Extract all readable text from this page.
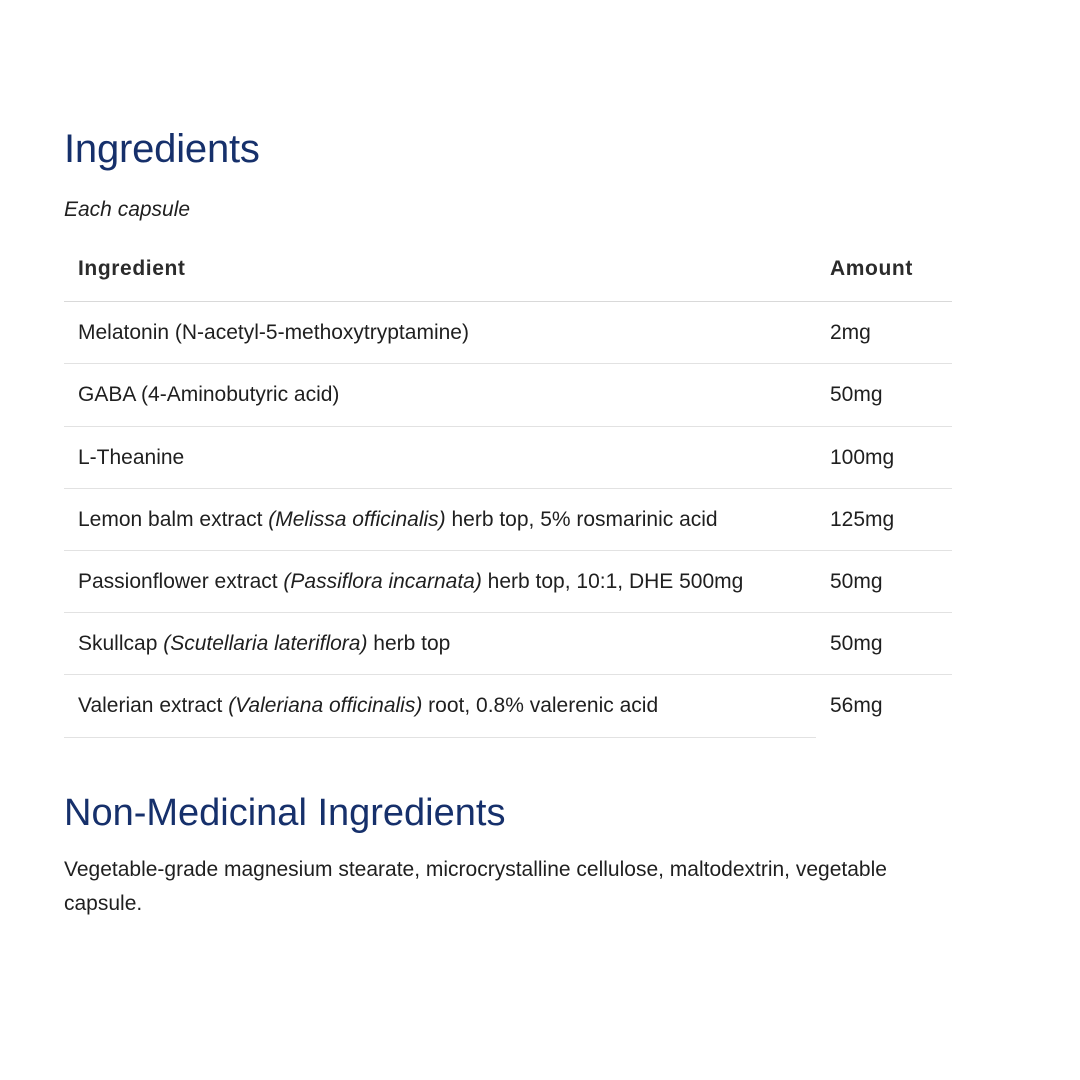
Ingredients

Each capsule

Ingredient	Amount
Melatonin (N-acetyl-5-methoxytryptamine)	2mg
GABA (4-Aminobutyric acid)	50mg
L-Theanine	100mg
Lemon balm extract (Melissa officinalis) herb top, 5% rosmarinic acid	125mg
Passionflower extract (Passiflora incarnata) herb top, 10:1, DHE 500mg	50mg
Skullcap (Scutellaria lateriflora) herb top	50mg
Valerian extract (Valeriana officinalis) root, 0.8% valerenic acid	56mg
Non-Medicinal Ingredients

Vegetable-grade magnesium stearate, microcrystalline cellulose, maltodextrin, vegetable capsule.
